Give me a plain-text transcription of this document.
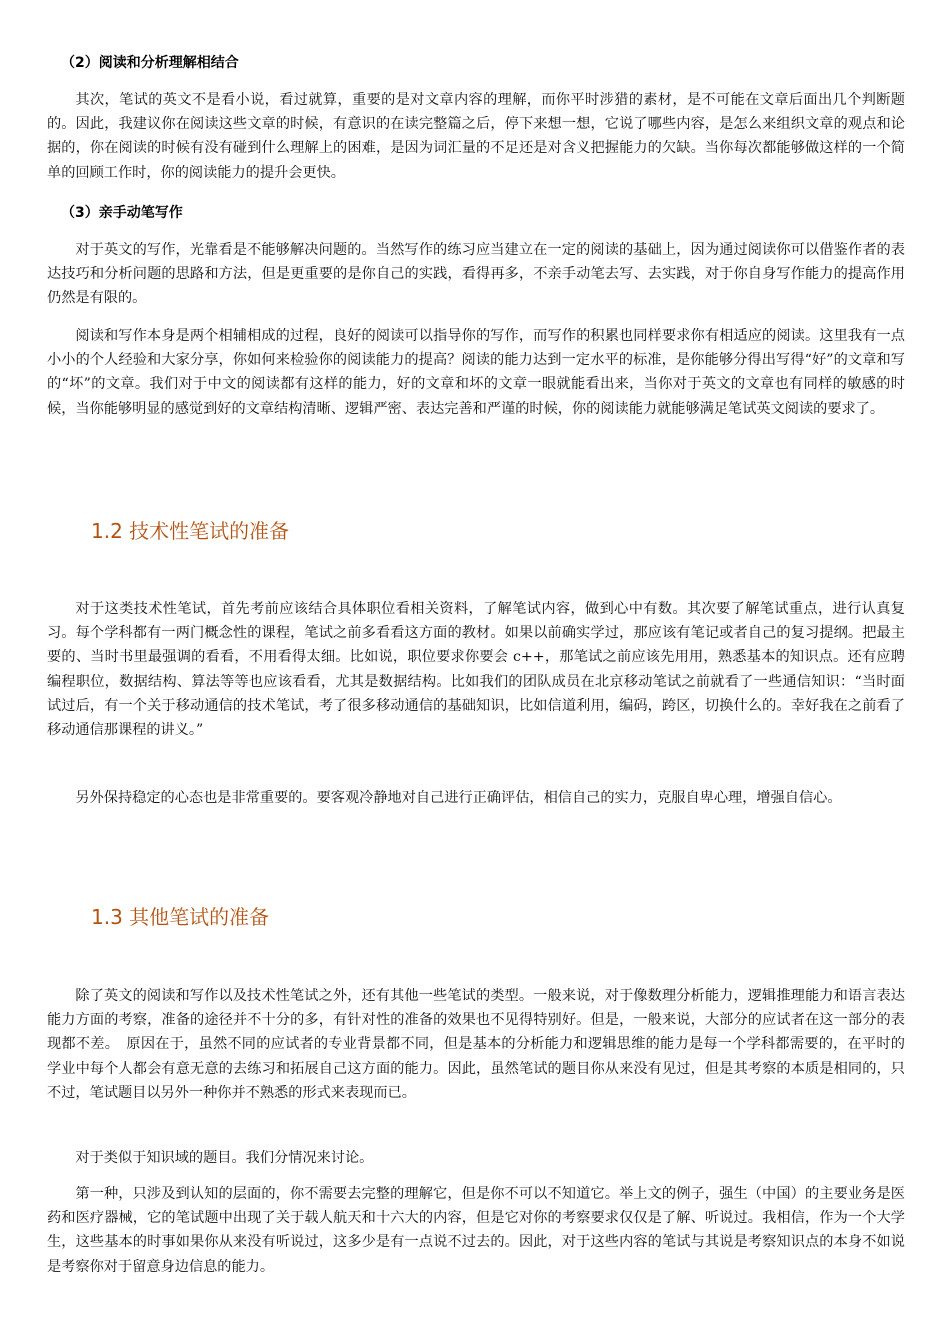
（2）阅读和分析理解相结合

其次，笔试的英文不是看小说，看过就算，重要的是对文章内容的理解，而你平时涉猎的素材，是不可能在文章后面出几个判断题的。因此，我建议你在阅读这些文章的时候，有意识的在读完整篇之后，停下来想一想，它说了哪些内容，是怎么来组织文章的观点和论据的，你在阅读的时候有没有碰到什么理解上的困难，是因为词汇量的不足还是对含义把握能力的欠缺。当你每次都能够做这样的一个简单的回顾工作时，你的阅读能力的提升会更快。

（3）亲手动笔写作

对于英文的写作，光靠看是不能够解决问题的。当然写作的练习应当建立在一定的阅读的基础上，因为通过阅读你可以借鉴作者的表达技巧和分析问题的思路和方法，但是更重要的是你自己的实践，看得再多，不亲手动笔去写、去实践，对于你自身写作能力的提高作用仍然是有限的。

阅读和写作本身是两个相辅相成的过程，良好的阅读可以指导你的写作，而写作的积累也同样要求你有相适应的阅读。这里我有一点小小的个人经验和大家分享，你如何来检验你的阅读能力的提高？阅读的能力达到一定水平的标准，是你能够分得出写得“好”的文章和写的“坏”的文章。我们对于中文的阅读都有这样的能力，好的文章和坏的文章一眼就能看出来，当你对于英文的文章也有同样的敏感的时候，当你能够明显的感觉到好的文章结构清晰、逻辑严密、表达完善和严谨的时候，你的阅读能力就能够满足笔试英文阅读的要求了。

1.2 技术性笔试的准备

对于这类技术性笔试，首先考前应该结合具体职位看相关资料，了解笔试内容，做到心中有数。其次要了解笔试重点，进行认真复习。每个学科都有一两门概念性的课程，笔试之前多看看这方面的教材。如果以前确实学过，那应该有笔记或者自己的复习提纲。把最主要的、当时书里最强调的看看，不用看得太细。比如说，职位要求你要会 c++，那笔试之前应该先用用，熟悉基本的知识点。还有应聘编程职位，数据结构、算法等等也应该看看，尤其是数据结构。比如我们的团队成员在北京移动笔试之前就看了一些通信知识：“当时面试过后，有一个关于移动通信的技术笔试，考了很多移动通信的基础知识，比如信道利用，编码，跨区，切换什么的。幸好我在之前看了移动通信那课程的讲义。”

另外保持稳定的心态也是非常重要的。要客观冷静地对自己进行正确评估，相信自己的实力，克服自卑心理，增强自信心。

1.3 其他笔试的准备

除了英文的阅读和写作以及技术性笔试之外，还有其他一些笔试的类型。一般来说，对于像数理分析能力，逻辑推理能力和语言表达能力方面的考察，准备的途径并不十分的多，有针对性的准备的效果也不见得特别好。但是，一般来说，大部分的应试者在这一部分的表现都不差。　原因在于，虽然不同的应试者的专业背景都不同，但是基本的分析能力和逻辑思维的能力是每一个学科都需要的，在平时的学业中每个人都会有意无意的去练习和拓展自己这方面的能力。因此，虽然笔试的题目你从来没有见过，但是其考察的本质是相同的，只不过，笔试题目以另外一种你并不熟悉的形式来表现而已。

对于类似于知识域的题目。我们分情况来讨论。

第一种，只涉及到认知的层面的，你不需要去完整的理解它，但是你不可以不知道它。举上文的例子，强生（中国）的主要业务是医药和医疗器械，它的笔试题中出现了关于载人航天和十六大的内容，但是它对你的考察要求仅仅是了解、听说过。我相信，作为一个大学生，这些基本的时事如果你从来没有听说过，这多少是有一点说不过去的。因此，对于这些内容的笔试与其说是考察知识点的本身不如说是考察你对于留意身边信息的能力。
